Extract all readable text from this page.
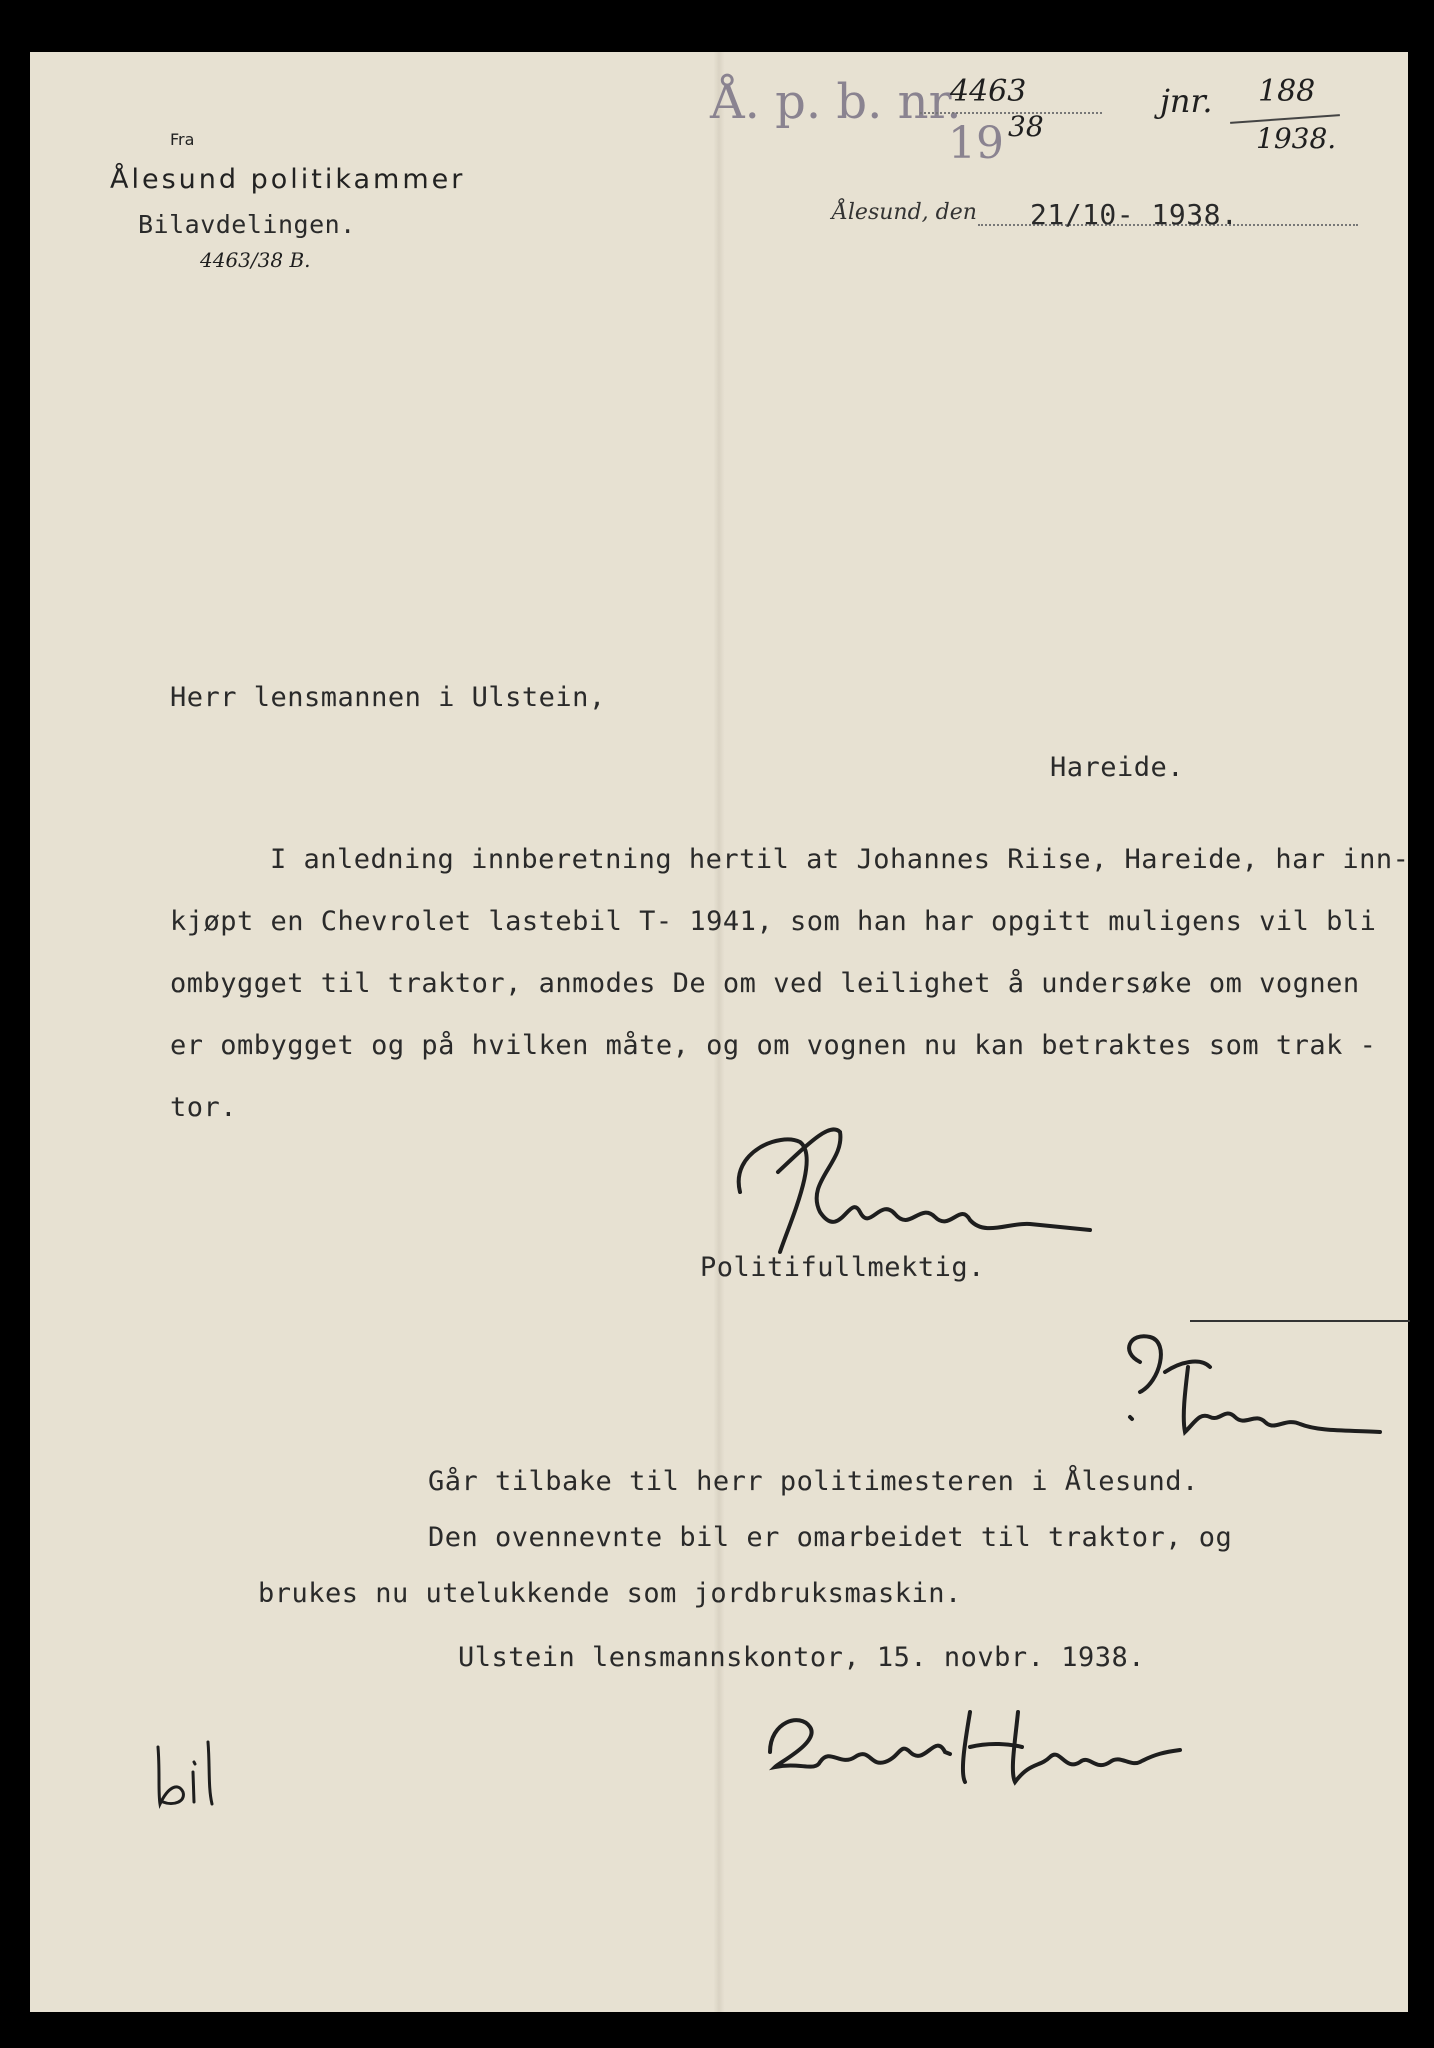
Fra
Ålesund politikammer
Bilavdelingen.
4463/38 B.
Å. p. b. nr.
4463
19 38
jnr. 188
1938.
Ålesund, den 21/10- 1938.
Herr lensmannen i Ulstein,
Hareide.
I anledning innberetning hertil at Johannes Riise, Hareide, har inn-
kjøpt en Chevrolet lastebil T- 1941, som han har opgitt muligens vil bli
ombygget til traktor, anmodes De om ved leilighet å undersøke om vognen
er ombygget og på hvilken måte, og om vognen nu kan betraktes som trak -
tor.
Politifullmektig.
Går tilbake til herr politimesteren i Ålesund.
Den ovennevnte bil er omarbeidet til traktor, og
brukes nu utelukkende som jordbruksmaskin.
Ulstein lensmannskontor, 15. novbr. 1938.
